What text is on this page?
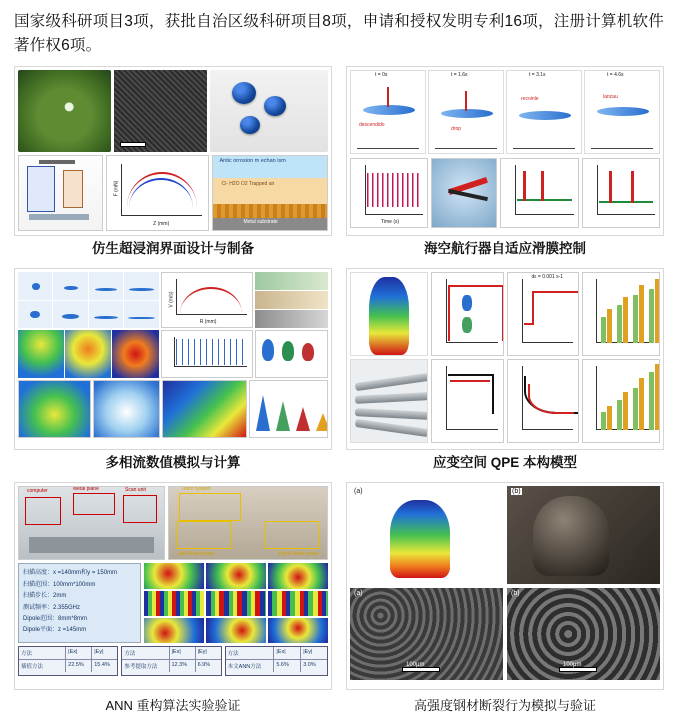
国家级科研项目3项，获批自治区级科研项目8项，申请和授权发明专利16项，注册计算机软件著作权6项。

Z (mm)
F (mN)
Antic orrosion m echan ism
Cl- H2O O2 Trapped air
Metal substrate
仿生超浸润界面设计与制备
t = 0s
descendido
t = 1.6s
drop
t = 3.1s
recoinle
t = 4.6s
lanzau
Time (s)
海空航行器自适应滑膜控制
R (mm)
V (m/s)
多相流数值模拟与计算
dε = 0.001 s-1
应变空间 QPE 本构模型
computer	Metal plane	Scan unit	Torch system
Left Metal phase	Right Metal phase
扫描高度：x =140mm和y = 150mm
扫描范围：100mm*100mm
扫描步长：2mm
测试频率：2.355GHz
Dipole范围：8mm*8mm
Dipole平面：z =145mm
方法	|Ex|	|Ey|
插值方法	22.5%	15.4%
方法	|Ex|	|Ey|
参考提取方法	12.3%	6.9%
方法	|Ex|	|Ey|
本文ANN方法	5.6%	3.0%
ANN 重构算法实验验证
(a)	(b)
(a)
100μm
(b)
100μm
高强度钢材断裂行为模拟与验证
